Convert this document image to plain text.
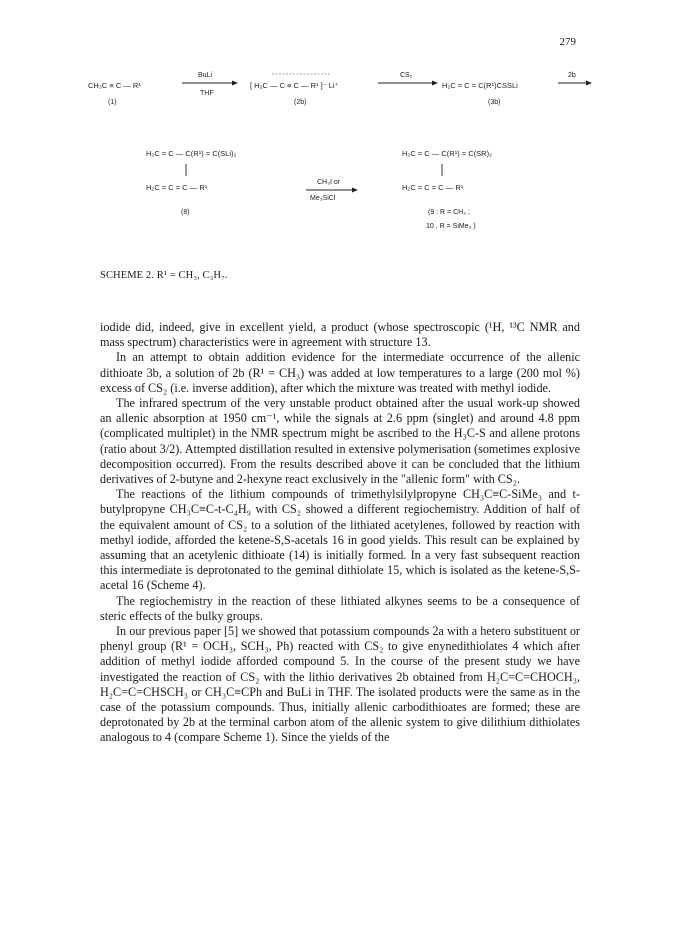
279
CH₃C ≡ C — R¹
(1)
BuLi
THF
[ H₂C — C ≡ C — R¹ ]⁻ Li⁺
(2b)
CS₂
H₂C = C = C(R¹)CSSLi
(3b)
2b
H₂C = C — C(R¹) = C(SLi)₂
H₂C = C = C — R¹
(8)
CH₃I or
Me₃SiCl
H₂C = C — C(R¹) = C(SR)₂
H₂C = C = C — R¹
(9 : R = CH₃ ;
10 , R = SiMe₃ )
SCHEME 2. R¹ = CH₃, C₃H₇.

iodide did, indeed, give in excellent yield, a product (whose spectroscopic (¹H, ¹³C NMR and mass spectrum) characteristics were in agreement with structure 13.

In an attempt to obtain addition evidence for the intermediate occurrence of the allenic dithioate 3b, a solution of 2b (R¹ = CH₃) was added at low temperatures to a large (200 mol %) excess of CS₂ (i.e. inverse addition), after which the mixture was treated with methyl iodide.

The infrared spectrum of the very unstable product obtained after the usual work-up showed an allenic absorption at 1950 cm⁻¹, while the signals at 2.6 ppm (singlet) and around 4.8 ppm (complicated multiplet) in the NMR spectrum might be ascribed to the H₃C-S and allene protons (ratio about 3/2). Attempted distillation resulted in extensive polymerisation (sometimes explosive decomposition occurred). From the results described above it can be concluded that the lithium derivatives of 2-butyne and 2-hexyne react exclusively in the "allenic form" with CS₂.

The reactions of the lithium compounds of trimethylsilylpropyne CH₃C≡C-SiMe₃ and t-butylpropyne CH₃C≡C-t-C₄H₉ with CS₂ showed a different regiochemistry. Addition of half of the equivalent amount of CS₂ to a solution of the lithiated acetylenes, followed by reaction with methyl iodide, afforded the ketene-S,S-acetals 16 in good yields. This result can be explained by assuming that an acetylenic dithioate (14) is initially formed. In a very fast subsequent reaction this intermediate is deprotonated to the geminal dithiolate 15, which is isolated as the ketene-S,S-acetal 16 (Scheme 4).

The regiochemistry in the reaction of these lithiated alkynes seems to be a consequence of steric effects of the bulky groups.

In our previous paper [5] we showed that potassium compounds 2a with a hetero substituent or phenyl group (R¹ = OCH₃, SCH₃, Ph) reacted with CS₂ to give enynedithiolates 4 which after addition of methyl iodide afforded compound 5. In the course of the present study we have investigated the reaction of CS₂ with the lithio derivatives 2b obtained from H₂C=C=CHOCH₃, H₂C=C=CHSCH₃ or CH₃C≡CPh and BuLi in THF. The isolated products were the same as in the case of the potassium compounds. Thus, initially allenic carbodithioates are formed; these are deprotonated by 2b at the terminal carbon atom of the allenic system to give dilithium dithiolates analogous to 4 (compare Scheme 1). Since the yields of the
